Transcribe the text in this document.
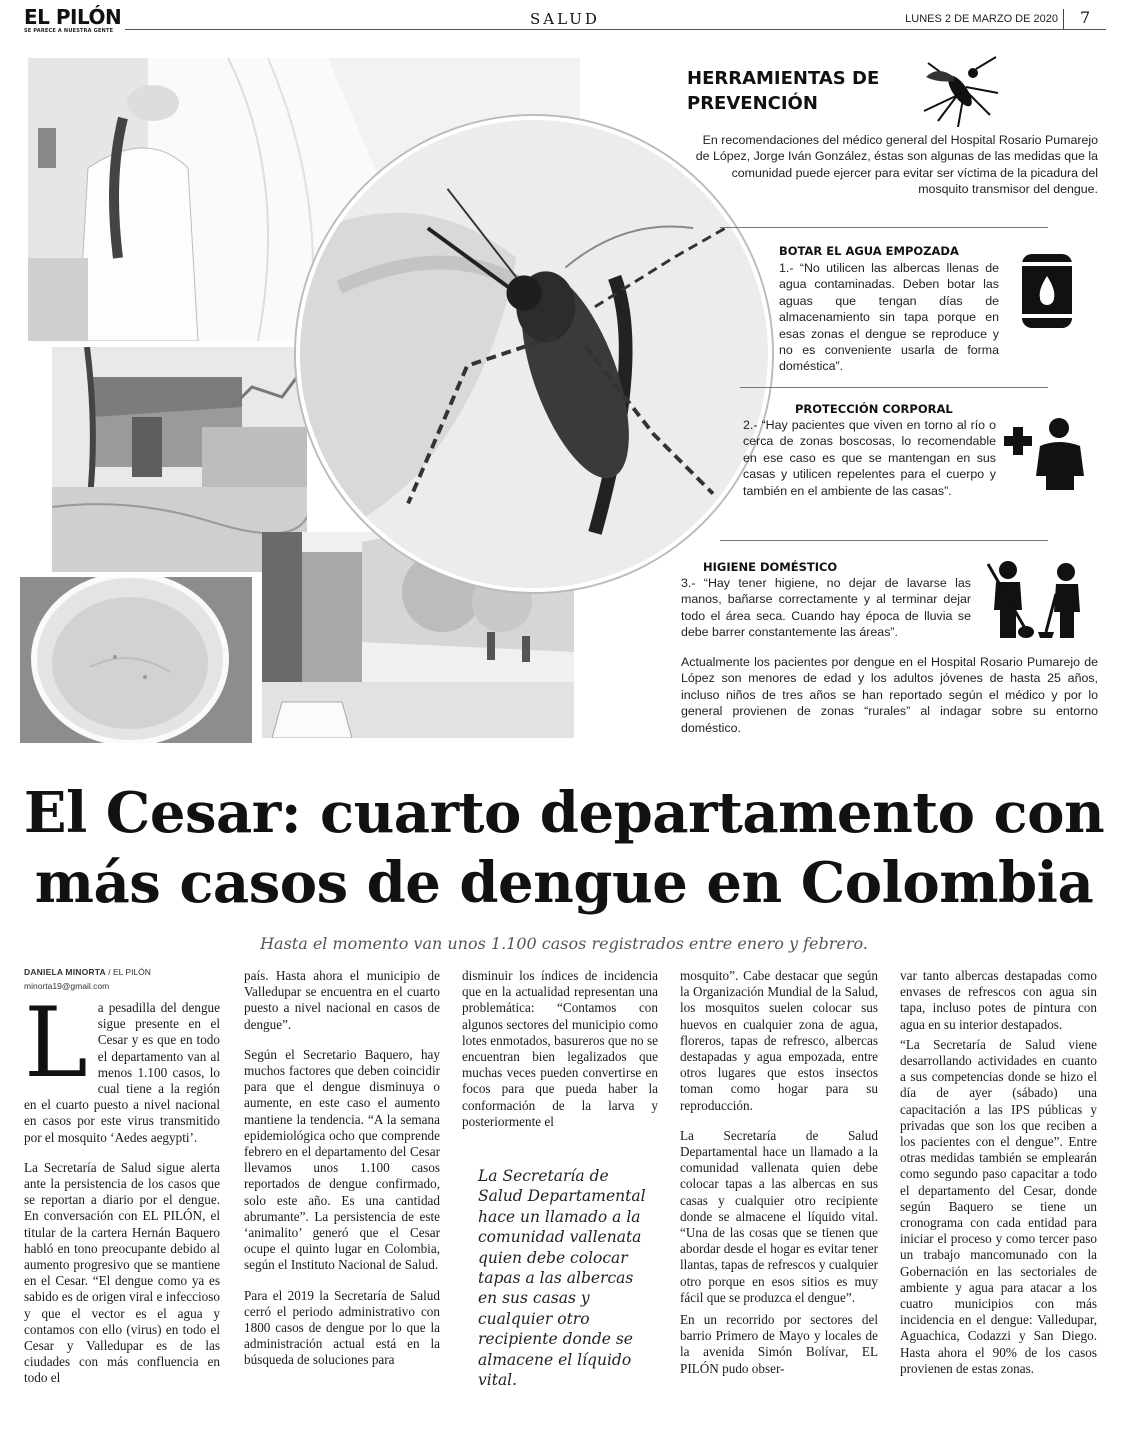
EL PILÓN
SE PARECE A NUESTRA GENTE
SALUD	LUNES 2 DE MARZO DE 2020 7
HERRAMIENTAS DE
PREVENCIÓN
En recomendaciones del médico general del Hospital Rosario Pumarejo de López, Jorge Iván González, éstas son algunas de las medidas que la comunidad puede ejercer para evitar ser víctima de la picadura del mosquito transmisor del dengue.
BOTAR EL AGUA EMPOZADA
1.- “No utilicen las albercas llenas de agua contaminadas. Deben botar las aguas que tengan días de almacenamiento sin tapa porque en esas zonas el dengue se reproduce y no es conveniente usarla de forma doméstica”.
PROTECCIÓN CORPORAL
2.- “Hay pacientes que viven en torno al río o cerca de zonas boscosas, lo recomendable en ese caso es que se mantengan en sus casas y utilicen repelentes para el cuerpo y también en el ambiente de las casas”.
HIGIENE DOMÉSTICO
3.- “Hay tener higiene, no dejar de lavarse las manos, bañarse correctamente y al terminar dejar todo el área seca. Cuando hay época de lluvia se debe barrer constantemente las áreas”.
Actualmente los pacientes por dengue en el Hospital Rosario Pumarejo de López son menores de edad y los adultos jóvenes de hasta 25 años, incluso niños de tres años se han reportado según el médico y por lo general provienen de zonas “rurales” al indagar sobre su entorno doméstico.
El Cesar: cuarto departamento con
más casos de dengue en Colombia
Hasta el momento van unos 1.100 casos registrados entre enero y febrero.
DANIELA MINORTA / EL PILÓN
minorta19@gmail.com

La pesadilla del dengue sigue presente en el Cesar y es que en todo el departamento van al menos 1.100 casos, lo cual tiene a la región en el cuarto puesto a nivel nacional en casos por este virus transmitido por el mosquito ‘Aedes aegypti’.

La Secretaría de Salud sigue alerta ante la persistencia de los casos que se reportan a diario por el dengue. En conversación con EL PILÓN, el titular de la cartera Hernán Baquero habló en tono preocupante debido al aumento progresivo que se mantiene en el Cesar. “El dengue como ya es sabido es de origen viral e infeccioso y que el vector es el agua y contamos con ello (virus) en todo el Cesar y Valledupar es de las ciudades con más confluencia en todo el

país. Hasta ahora el municipio de Valledupar se encuentra en el cuarto puesto a nivel nacional en casos de dengue”.

Según el Secretario Baquero, hay muchos factores que deben coincidir para que el dengue disminuya o aumente, en este caso el aumento mantiene la tendencia. “A la semana epidemiológica ocho que comprende febrero en el departamento del Cesar llevamos unos 1.100 casos reportados de dengue confirmado, solo este año. Es una cantidad abrumante”. La persistencia de este ‘animalito’ generó que el Cesar ocupe el quinto lugar en Colombia, según el Instituto Nacional de Salud.

Para el 2019 la Secretaría de Salud cerró el periodo administrativo con 1800 casos de dengue por lo que la administración actual está en la búsqueda de soluciones para

disminuir los índices de incidencia que en la actualidad representan una problemática: “Contamos con algunos sectores del municipio como lotes enmotados, basureros que no se encuentran bien legalizados que muchas veces pueden convertirse en focos para que pueda haber la conformación de la larva y posteriormente el

La Secretaría de Salud Departamental hace un llamado a la comunidad vallenata quien debe colocar tapas a las albercas en sus casas y cualquier otro recipiente donde se almacene el líquido vital.

mosquito”. Cabe destacar que según la Organización Mundial de la Salud, los mosquitos suelen colocar sus huevos en cualquier zona de agua, floreros, tapas de refresco, albercas destapadas y agua empozada, entre otros lugares que estos insectos toman como hogar para su reproducción.

La Secretaría de Salud Departamental hace un llamado a la comunidad vallenata quien debe colocar tapas a las albercas en sus casas y cualquier otro recipiente donde se almacene el líquido vital. “Una de las cosas que se tienen que abordar desde el hogar es evitar tener llantas, tapas de refrescos y cualquier otro porque en esos sitios es muy fácil que se produzca el dengue”.

En un recorrido por sectores del barrio Primero de Mayo y locales de la avenida Simón Bolívar, EL PILÓN pudo obser-

var tanto albercas destapadas como envases de refrescos con agua sin tapa, incluso potes de pintura con agua en su interior destapados.

“La Secretaría de Salud viene desarrollando actividades en cuanto a sus competencias donde se hizo el día de ayer (sábado) una capacitación a las IPS públicas y privadas que son los que reciben a los pacientes con el dengue”. Entre otras medidas también se emplearán como segundo paso capacitar a todo el departamento del Cesar, donde según Baquero se tiene un cronograma con cada entidad para iniciar el proceso y como tercer paso un trabajo mancomunado con la Gobernación en las sectoriales de ambiente y agua para atacar a los cuatro municipios con más incidencia en el dengue: Valledupar, Aguachica, Codazzi y San Diego. Hasta ahora el 90% de los casos provienen de estas zonas.
